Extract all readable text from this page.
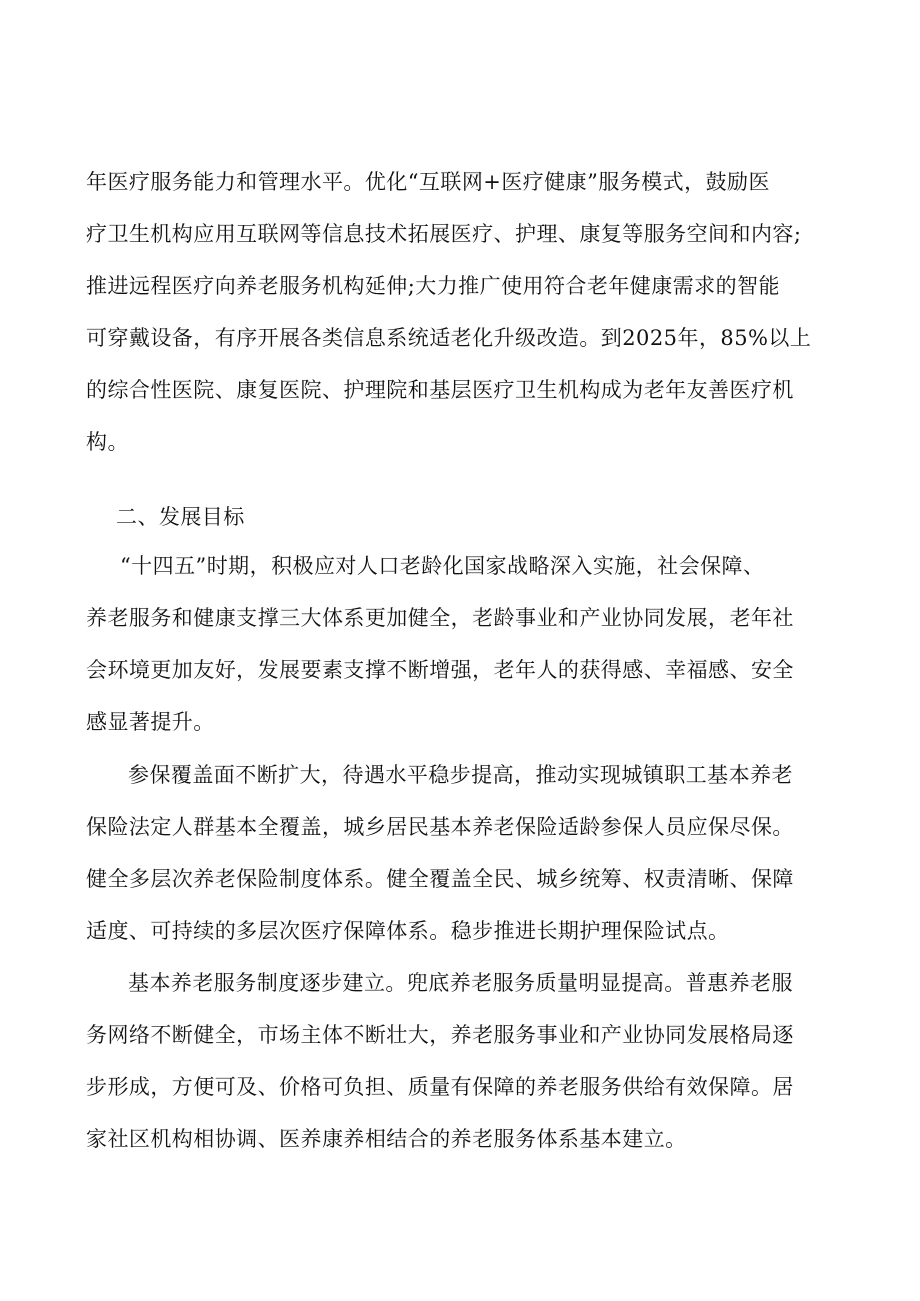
年医疗服务能力和管理水平。优化“互联网+医疗健康”服务模式，鼓励医
疗卫生机构应用互联网等信息技术拓展医疗、护理、康复等服务空间和内容;
推进远程医疗向养老服务机构延伸;大力推广使用符合老年健康需求的智能
可穿戴设备，有序开展各类信息系统适老化升级改造。到2025年，85%以上
的综合性医院、康复医院、护理院和基层医疗卫生机构成为老年友善医疗机
构。
二、发展目标
“十四五”时期，积极应对人口老龄化国家战略深入实施，社会保障、
养老服务和健康支撑三大体系更加健全，老龄事业和产业协同发展，老年社
会环境更加友好，发展要素支撑不断增强，老年人的获得感、幸福感、安全
感显著提升。
参保覆盖面不断扩大，待遇水平稳步提高，推动实现城镇职工基本养老
保险法定人群基本全覆盖，城乡居民基本养老保险适龄参保人员应保尽保。
健全多层次养老保险制度体系。健全覆盖全民、城乡统筹、权责清晰、保障
适度、可持续的多层次医疗保障体系。稳步推进长期护理保险试点。
基本养老服务制度逐步建立。兜底养老服务质量明显提高。普惠养老服
务网络不断健全，市场主体不断壮大，养老服务事业和产业协同发展格局逐
步形成，方便可及、价格可负担、质量有保障的养老服务供给有效保障。居
家社区机构相协调、医养康养相结合的养老服务体系基本建立。
